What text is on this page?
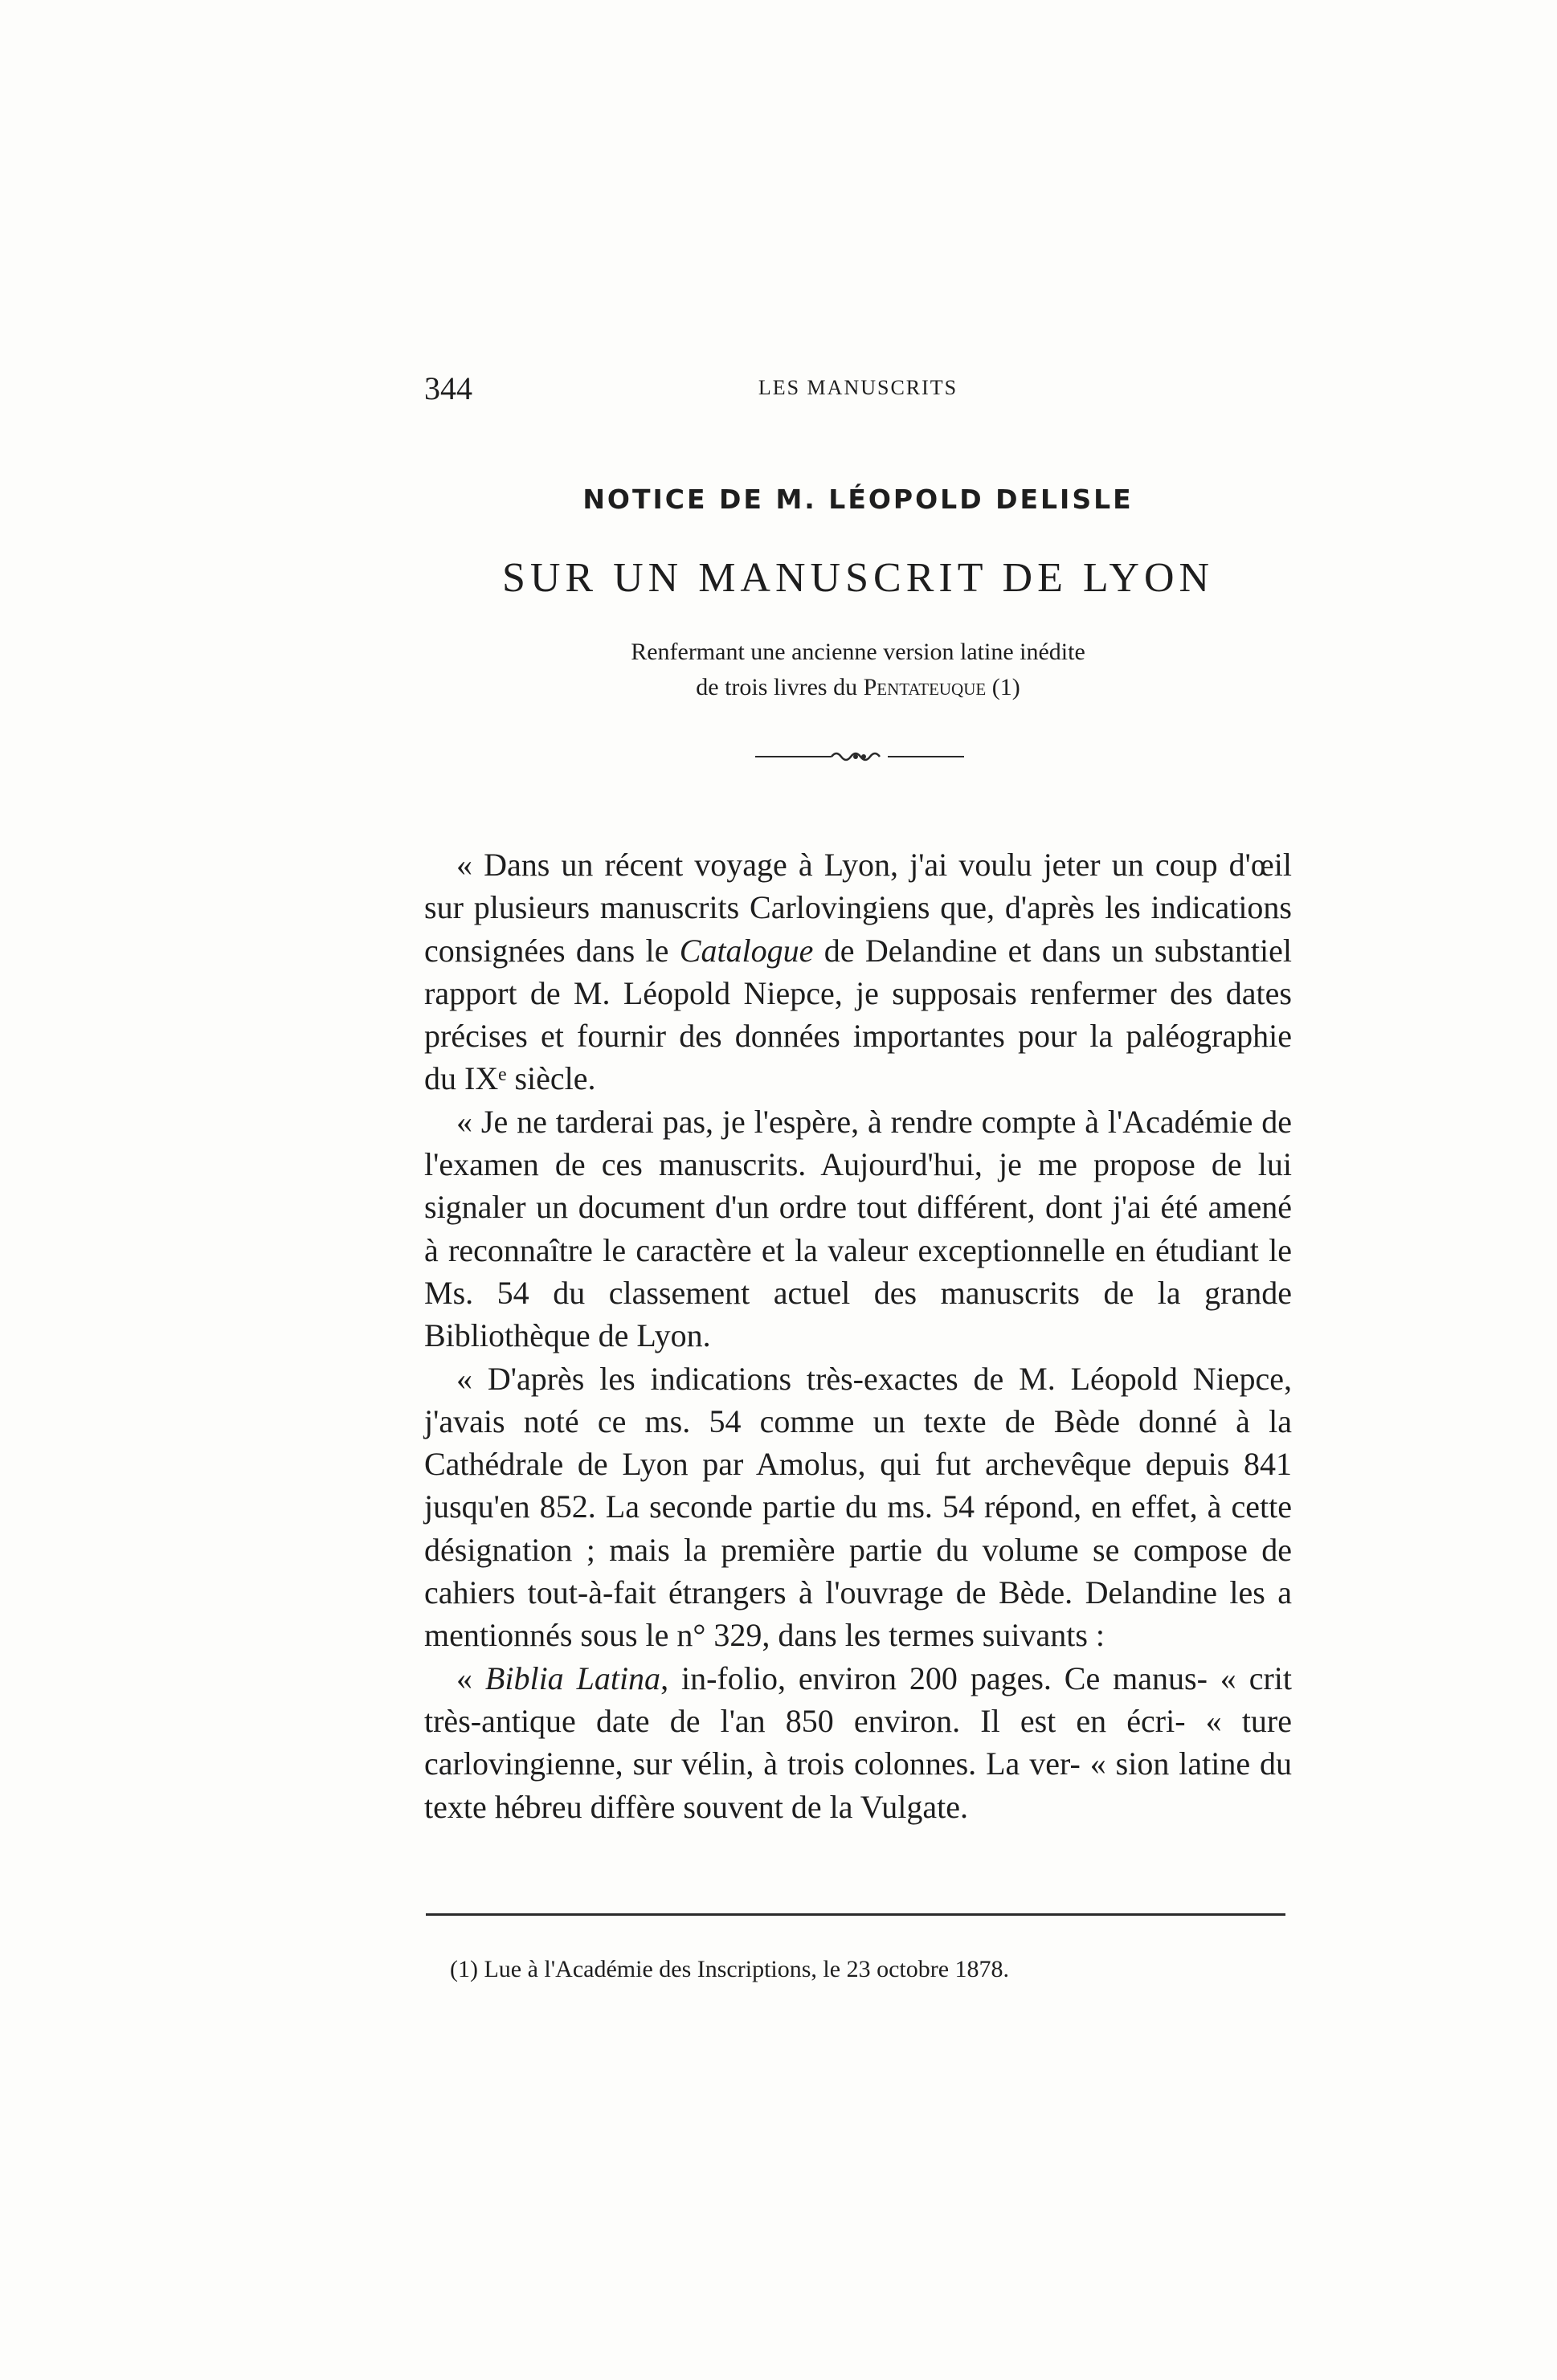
344	LES MANUSCRITS
NOTICE DE M. LÉOPOLD DELISLE
SUR UN MANUSCRIT DE LYON
Renfermant une ancienne version latine inédite
de trois livres du Pentateuque (1)

« Dans un récent voyage à Lyon, j'ai voulu jeter un coup d'œil sur plusieurs manuscrits Carlovingiens que, d'après les indications consignées dans le Catalogue de Delandine et dans un substantiel rapport de M. Léopold Niepce, je supposais renfermer des dates précises et fournir des données importantes pour la paléographie du IXᵉ siècle.

« Je ne tarderai pas, je l'espère, à rendre compte à l'Académie de l'examen de ces manuscrits. Aujourd'hui, je me propose de lui signaler un document d'un ordre tout différent, dont j'ai été amené à reconnaître le caractère et la valeur exceptionnelle en étudiant le Ms. 54 du classement actuel des manuscrits de la grande Bibliothèque de Lyon.

« D'après les indications très-exactes de M. Léopold Niepce, j'avais noté ce ms. 54 comme un texte de Bède donné à la Cathédrale de Lyon par Amolus, qui fut archevêque depuis 841 jusqu'en 852. La seconde partie du ms. 54 répond, en effet, à cette désignation ; mais la première partie du volume se compose de cahiers tout-à-fait étrangers à l'ouvrage de Bède. Delandine les a mentionnés sous le n° 329, dans les termes suivants :

« Biblia Latina, in-folio, environ 200 pages. Ce manus- « crit très-antique date de l'an 850 environ. Il est en écri- « ture carlovingienne, sur vélin, à trois colonnes. La ver- « sion latine du texte hébreu diffère souvent de la Vulgate.

(1) Lue à l'Académie des Inscriptions, le 23 octobre 1878.
